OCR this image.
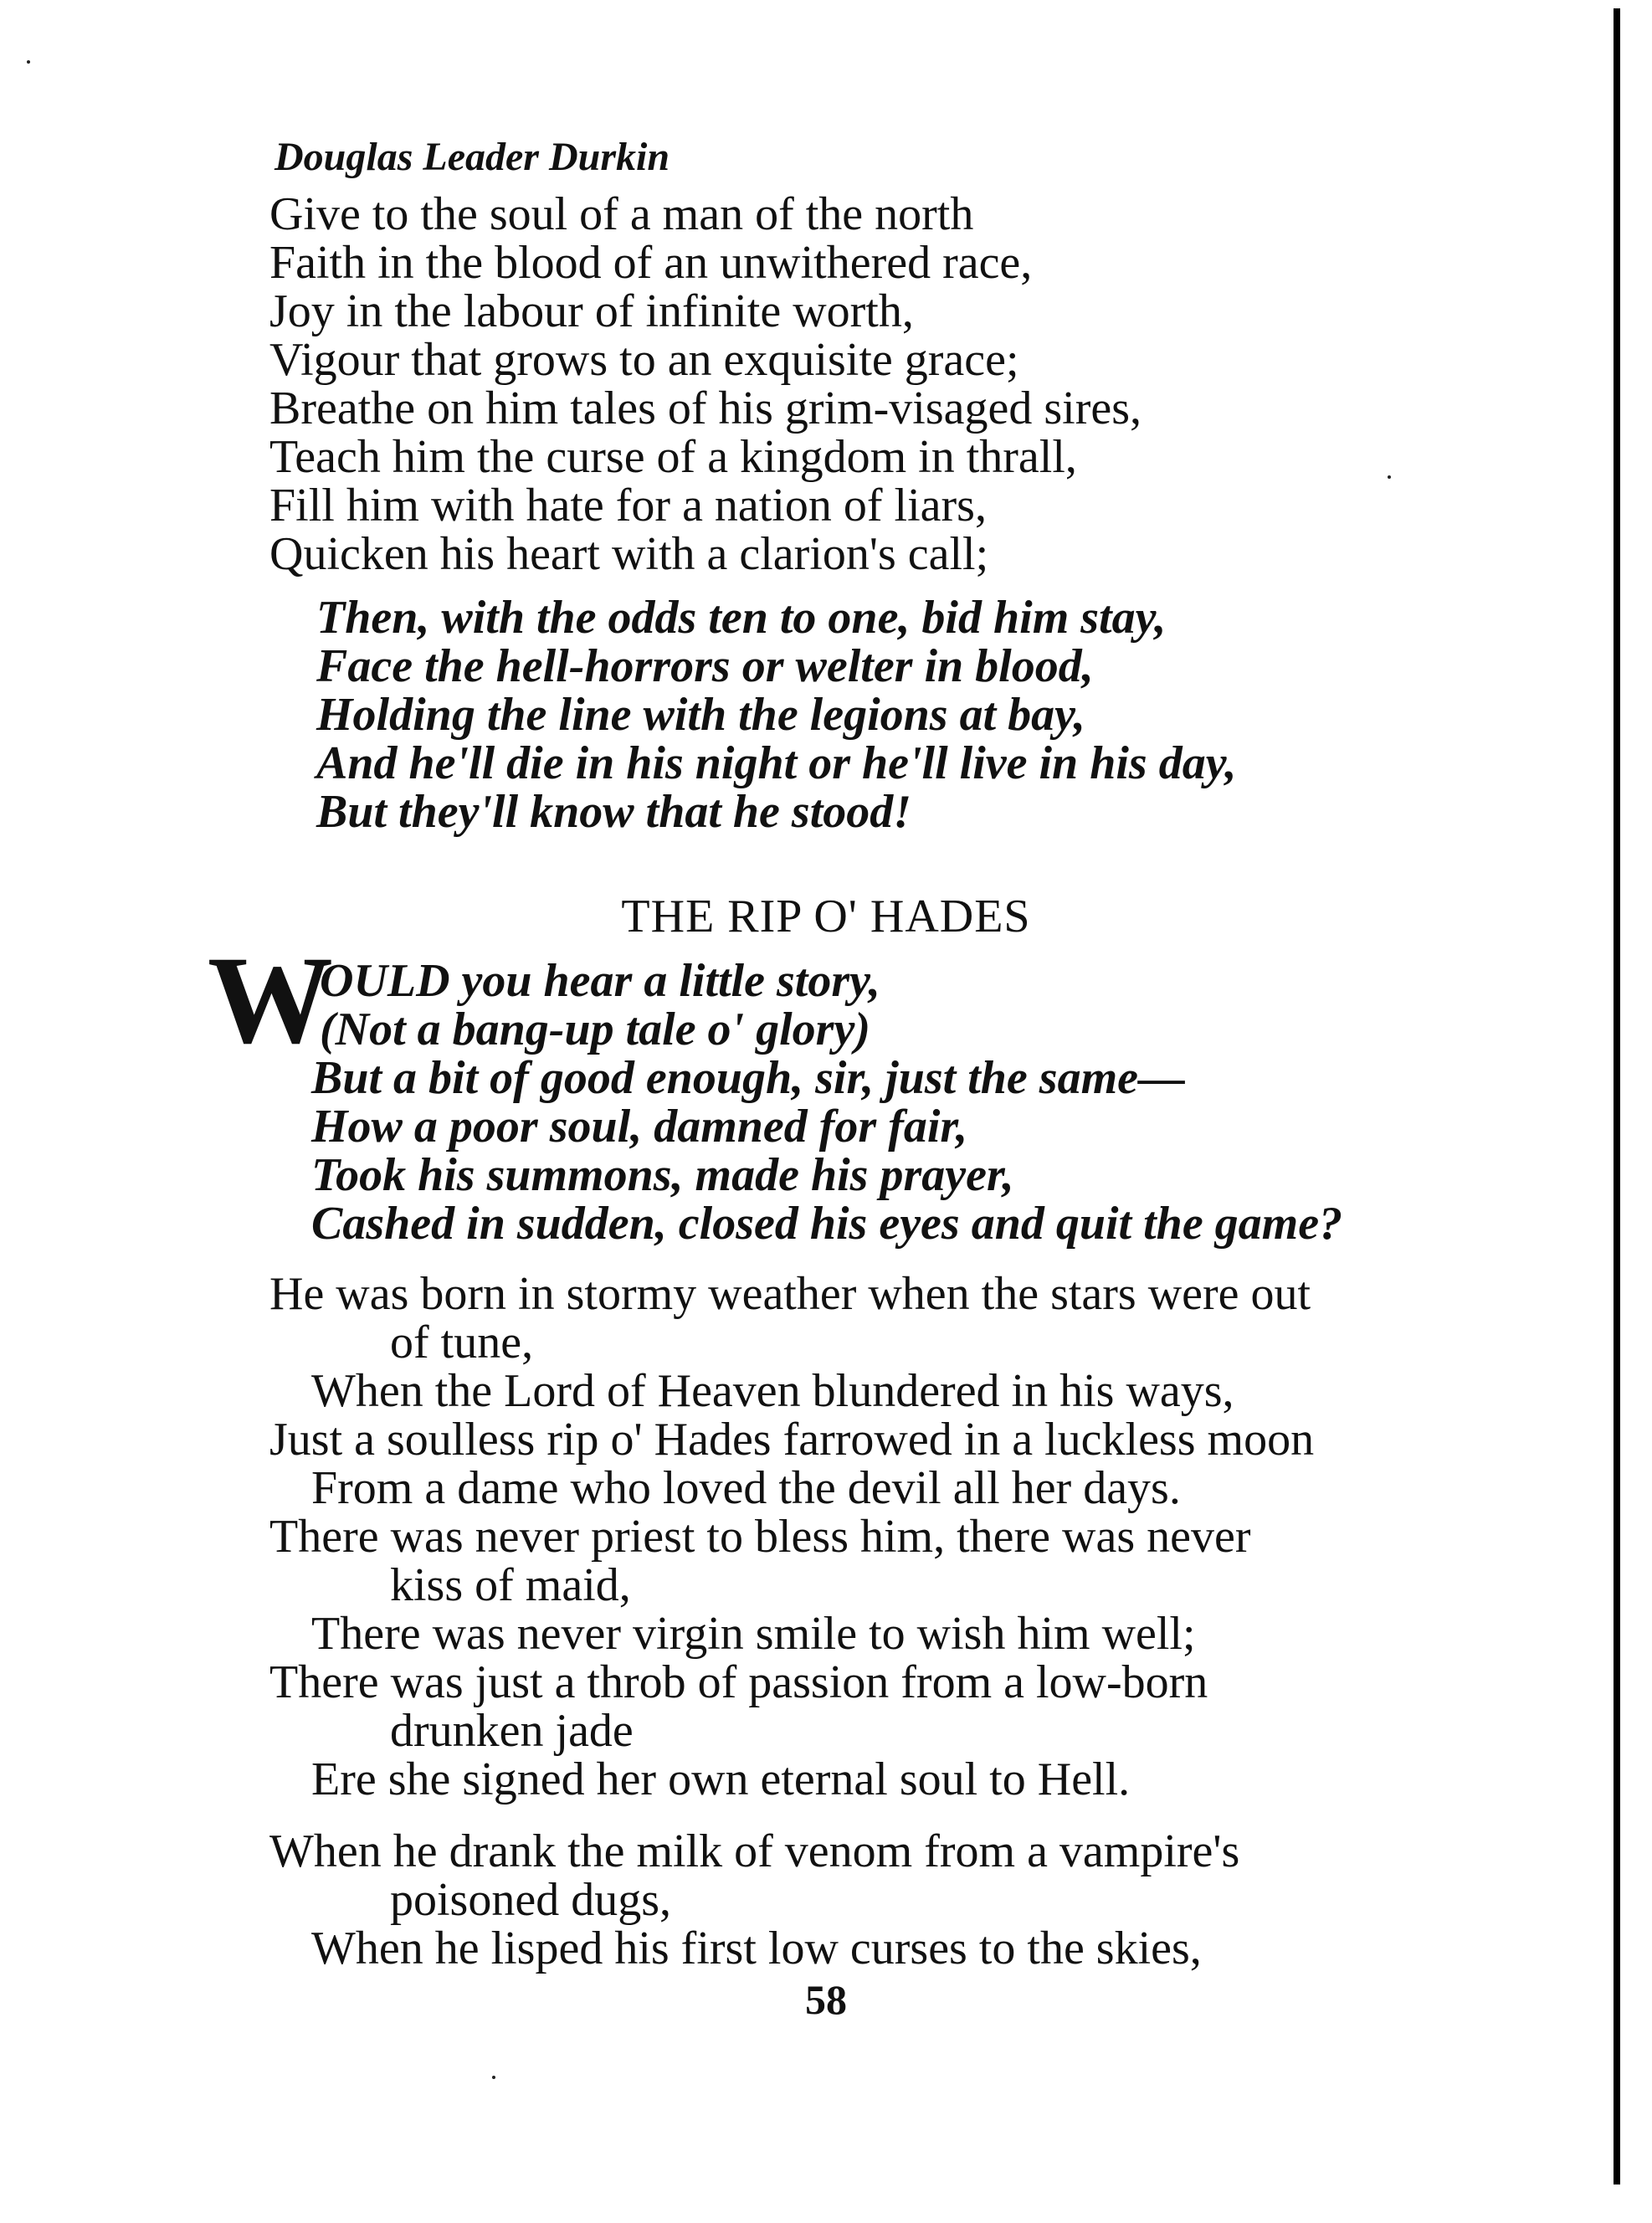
Douglas Leader Durkin
Give to the soul of a man of the north
Faith in the blood of an unwithered race,
Joy in the labour of infinite worth,
Vigour that grows to an exquisite grace;
Breathe on him tales of his grim-visaged sires,
Teach him the curse of a kingdom in thrall,
Fill him with hate for a nation of liars,
Quicken his heart with a clarion's call;
Then, with the odds ten to one, bid him stay,
Face the hell-horrors or welter in blood,
Holding the line with the legions at bay,
And he'll die in his night or he'll live in his day,
But they'll know that he stood!
THE RIP O' HADES
W
OULD you hear a little story,
(Not a bang-up tale o' glory)
But a bit of good enough, sir, just the same—
How a poor soul, damned for fair,
Took his summons, made his prayer,
Cashed in sudden, closed his eyes and quit the game?
He was born in stormy weather when the stars were out
of tune,
When the Lord of Heaven blundered in his ways,
Just a soulless rip o' Hades farrowed in a luckless moon
From a dame who loved the devil all her days.
There was never priest to bless him, there was never
kiss of maid,
There was never virgin smile to wish him well;
There was just a throb of passion from a low-born
drunken jade
Ere she signed her own eternal soul to Hell.
When he drank the milk of venom from a vampire's
poisoned dugs,
When he lisped his first low curses to the skies,
58
